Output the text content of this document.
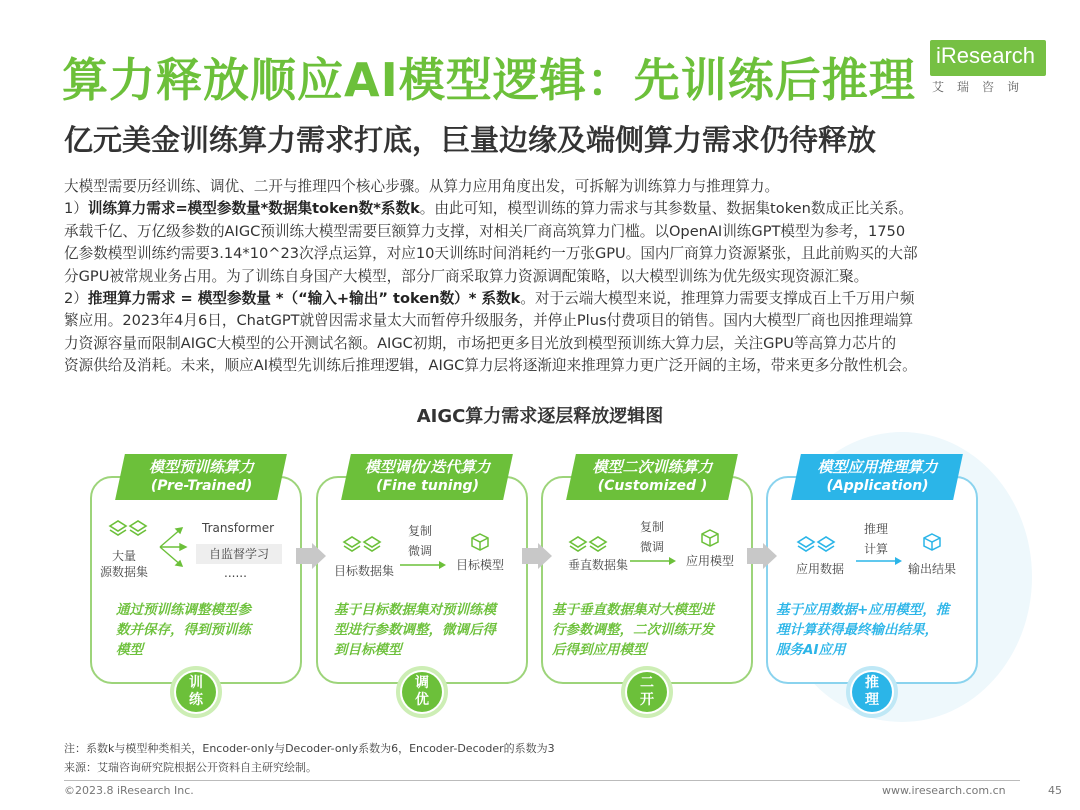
算力释放顺应AI模型逻辑：先训练后推理
亿元美金训练算力需求打底，巨量边缘及端侧算力需求仍待释放
iResearch
艾瑞咨询

大模型需要历经训练、调优、二开与推理四个核心步骤。从算力应用角度出发，可拆解为训练算力与推理算力。

1）训练算力需求=模型参数量*数据集token数*系数k。由此可知，模型训练的算力需求与其参数量、数据集token数成正比关系。

承载千亿、万亿级参数的AIGC预训练大模型需要巨额算力支撑，对相关厂商高筑算力门槛。以OpenAI训练GPT模型为参考，1750

亿参数模型训练约需要3.14*10^23次浮点运算，对应10天训练时间消耗约一万张GPU。国内厂商算力资源紧张，且此前购买的大部

分GPU被常规业务占用。为了训练自身国产大模型，部分厂商采取算力资源调配策略，以大模型训练为优先级实现资源汇聚。

2）推理算力需求 = 模型参数量 *（“输入+输出” token数）* 系数k。对于云端大模型来说，推理算力需要支撑成百上千万用户频

繁应用。2023年4月6日，ChatGPT就曾因需求量太大而暂停升级服务，并停止Plus付费项目的销售。国内大模型厂商也因推理端算

力资源容量而限制AIGC大模型的公开测试名额。AIGC初期，市场把更多目光放到模型预训练大算力层，关注GPU等高算力芯片的

资源供给及消耗。未来，顺应AI模型先训练后推理逻辑，AIGC算力层将逐渐迎来推理算力更广泛开阔的主场，带来更多分散性机会。

AIGC算力需求逐层释放逻辑图
模型预训练算力
(Pre-Trained)
模型调优/迭代算力
(Fine tuning)
模型二次训练算力
(Customized )
模型应用推理算力
(Application)
大量
源数据集
Transformer
自监督学习
......
通过预训练调整模型参
数并保存，得到预训练
模型
目标数据集
复制
微调
目标模型
基于目标数据集对预训练模
型进行参数调整，微调后得
到目标模型
垂直数据集
复制
微调
应用模型
基于垂直数据集对大模型进
行参数调整，二次训练开发
后得到应用模型
应用数据
推理
计算
输出结果
基于应用数据+应用模型，推
理计算获得最终输出结果，
服务AI应用
训
练
调
优
二
开
推
理
注：系数k与模型种类相关，Encoder-only与Decoder-only系数为6，Encoder-Decoder的系数为3
来源：艾瑞咨询研究院根据公开资料自主研究绘制。
©2023.8 iResearch Inc.	www.iresearch.com.cn	45
